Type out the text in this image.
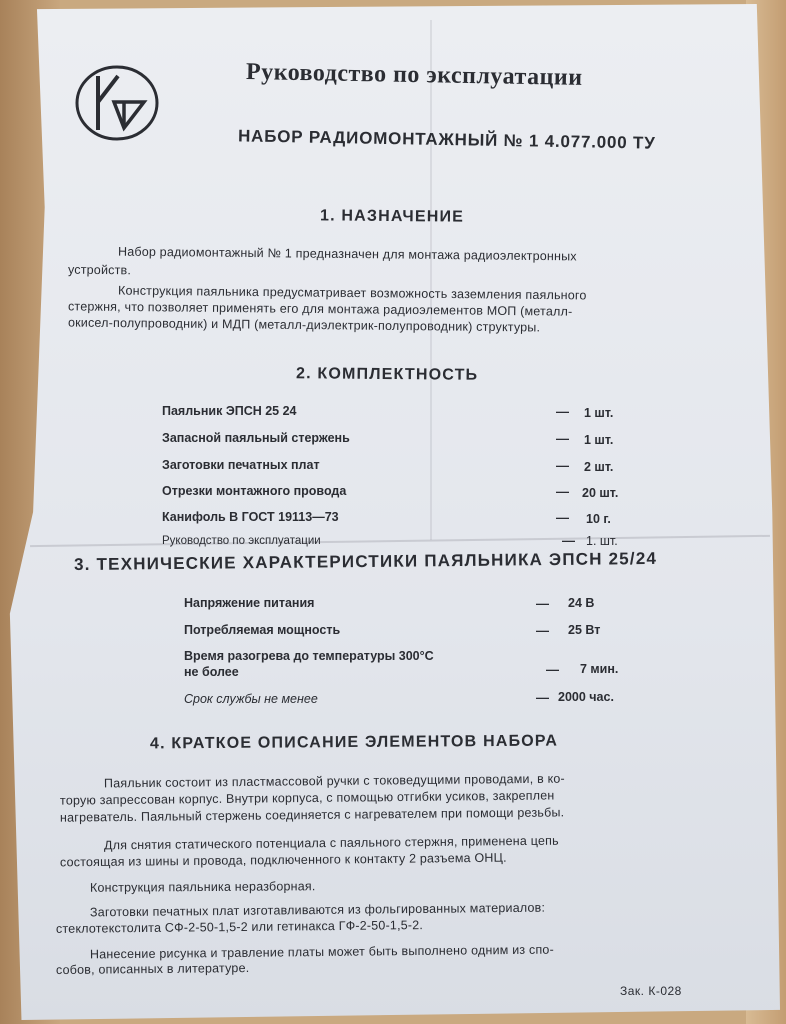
Руководство по эксплуатации
НАБОР РАДИОМОНТАЖНЫЙ № 1 4.077.000 ТУ
1. НАЗНАЧЕНИЕ
Набор радиомонтажный № 1 предназначен для монтажа радиоэлектронных
устройств.
Конструкция паяльника предусматривает возможность заземления паяльного
стержня, что позволяет применять его для монтажа радиоэлементов МОП (металл-
окисел-полупроводник) и МДП (металл-диэлектрик-полупроводник) структуры.
2. КОМПЛЕКТНОСТЬ
Паяльник ЭПСН 25 24	— 1 шт.
Запасной паяльный стержень	— 1 шт.
Заготовки печатных плат	— 2 шт.
Отрезки монтажного провода	— 20 шт.
Канифоль В ГОСТ 19113—73	— 10 г.
Руководство по эксплуатации	— 1. шт.
3. ТЕХНИЧЕСКИЕ ХАРАКТЕРИСТИКИ ПАЯЛЬНИКА ЭПСН 25/24
Напряжение питания	— 24 В
Потребляемая мощность	— 25 Вт
Время разогрева до температуры 300°С
не более	— 7 мин.
Срок службы не менее	— 2000 час.
4. КРАТКОЕ ОПИСАНИЕ ЭЛЕМЕНТОВ НАБОРА
Паяльник состоит из пластмассовой ручки с токоведущими проводами, в ко-
торую запрессован корпус. Внутри корпуса, с помощью отгибки усиков, закреплен
нагреватель. Паяльный стержень соединяется с нагревателем при помощи резьбы.
Для снятия статического потенциала с паяльного стержня, применена цепь
состоящая из шины и провода, подключенного к контакту 2 разъема ОНЦ.
Конструкция паяльника неразборная.
Заготовки печатных плат изготавливаются из фольгированных материалов:
стеклотекстолита СФ-2-50-1,5-2 или гетинакса ГФ-2-50-1,5-2.
Нанесение рисунка и травление платы может быть выполнено одним из спо-
собов, описанных в литературе.
Зак. К-028
